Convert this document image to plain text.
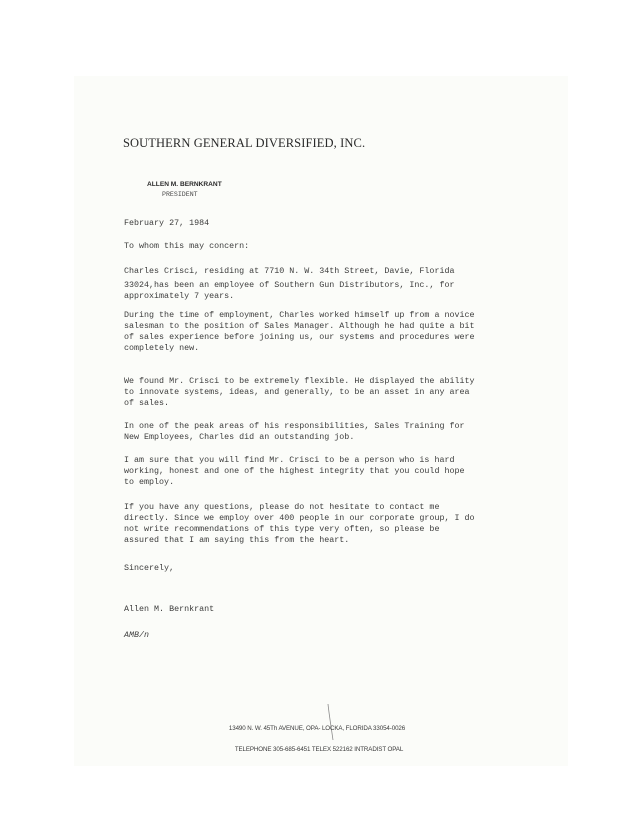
SOUTHERN GENERAL DIVERSIFIED, INC.
ALLEN M. BERNKRANT
PRESIDENT
February 27, 1984
To whom this may concern:
Charles Crisci, residing at 7710 N. W. 34th Street, Davie, Florida
33024,has been an employee of Southern Gun Distributors, Inc., for
approximately 7 years.
During the time of employment, Charles worked himself up from a novice
salesman to the position of Sales Manager. Although he had quite a bit
of sales experience before joining us, our systems and procedures were
completely new.
We found Mr. Crisci to be extremely flexible. He displayed the ability
to innovate systems, ideas, and generally, to be an asset in any area
of sales.
In one of the peak areas of his responsibilities, Sales Training for
New Employees, Charles did an outstanding job.
I am sure that you will find Mr. Crisci to be a person who is hard
working, honest and one of the highest integrity that you could hope
to employ.
If you have any questions, please do not hesitate to contact me
directly. Since we employ over 400 people in our corporate group, I do
not write recommendations of this type very often, so please be
assured that I am saying this from the heart.
Sincerely,
Allen M. Bernkrant
AMB/n
13490 N. W. 45Th AVENUE, OPA- LOCKA, FLORIDA 33054-0026
TELEPHONE 305-685-6451 TELEX 522162 INTRADIST OPAL
